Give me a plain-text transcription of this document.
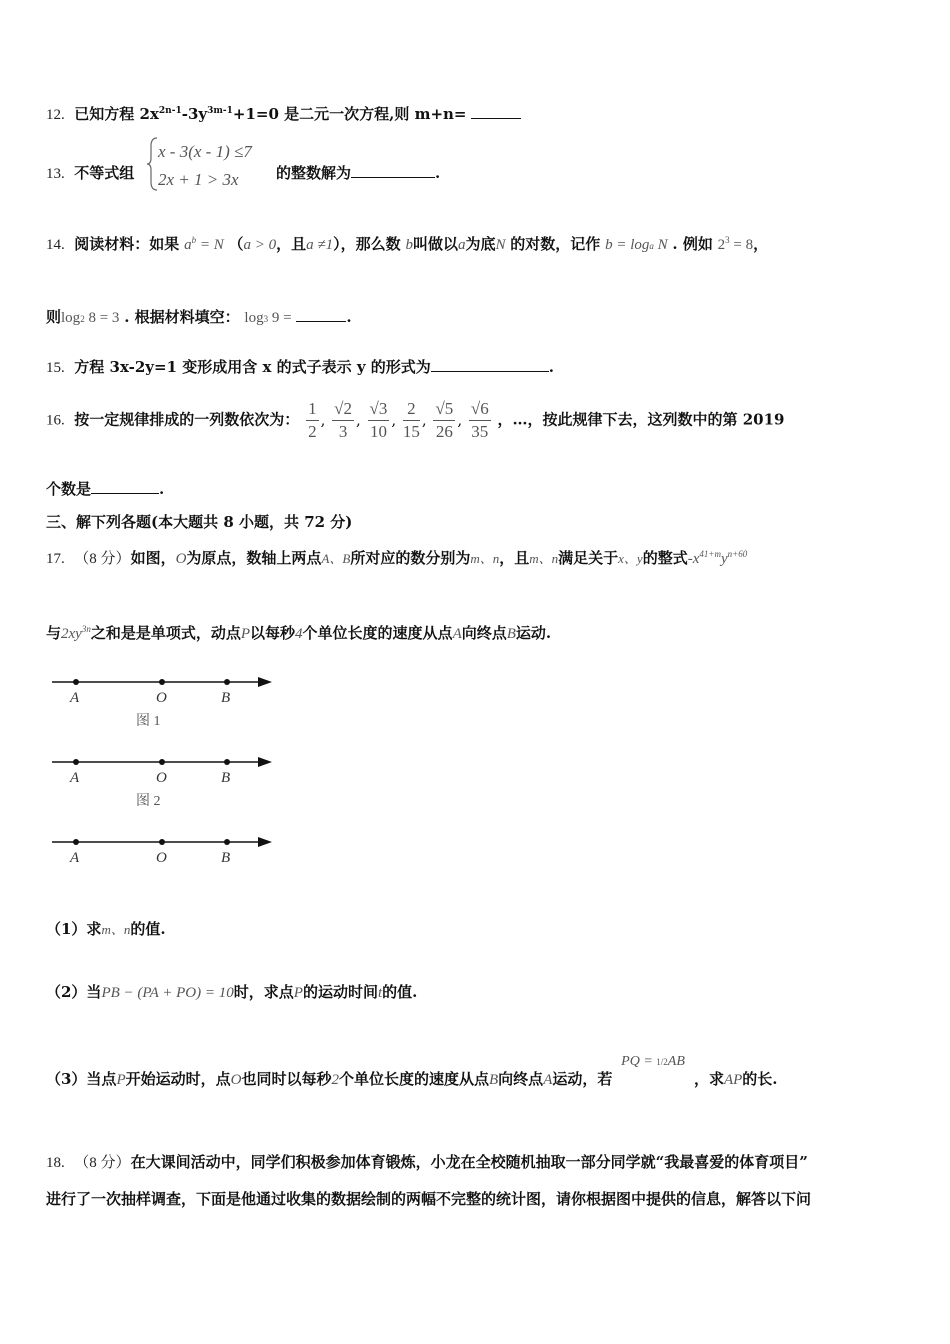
12. 已知方程 $2x^{2n-1}-3y^{3m-1}+1=0$ 是二元一次方程,则 m+n=
13. 不等式组
x - 3(x - 1) ≤7
2x + 1 > 3x	的整数解为	.
14. 阅读材料：如果 $a^b = N$ （a > 0，且a ≠1），那么数 b叫做以a为底N 的对数，记作 b = loga N . 例如 $2^3 = 8$，
则log2 8 = 3 . 根据材料填空： log3 9 =	.
15. 方程 3x-2y=1 变形成用含 x 的式子表示 y 的形式为	.
16. 按一定规律排成的一列数依次为： $\frac{1}{2}$ , $\frac{√2}{3}$ , $\frac{√3}{10}$ , $\frac{2}{15}$ , $\frac{√5}{26}$ , $\frac{√6}{35}$ ，…，按此规律下去，这列数中的第 2019
个数是	.
三、解下列各题(本大题共 8 小题，共 72 分)
17. （8 分）如图，O为原点，数轴上两点A、B所对应的数分别为m、n，且m、n满足关于x、y的整式$-x^{41+m}y^{n+60}$
与$2xy^{3n}$之和是是单项式，动点P以每秒4个单位长度的速度从点A向终点B运动.
A	O	B
图 1
A	O	B
图 2
A	O	B
（1）求m、n的值.
（2）当PB − (PA + PO) = 10时，求点P的运动时间t的值.
（3）当点P开始运动时，点O也同时以每秒2个单位长度的速度从点B向终点A运动，若
PQ = 1/2AB
，求AP的长.
18. （8 分）在大课间活动中，同学们积极参加体育锻炼，小龙在全校随机抽取一部分同学就“我最喜爱的体育项目”
进行了一次抽样调查，下面是他通过收集的数据绘制的两幅不完整的统计图，请你根据图中提供的信息，解答以下问
